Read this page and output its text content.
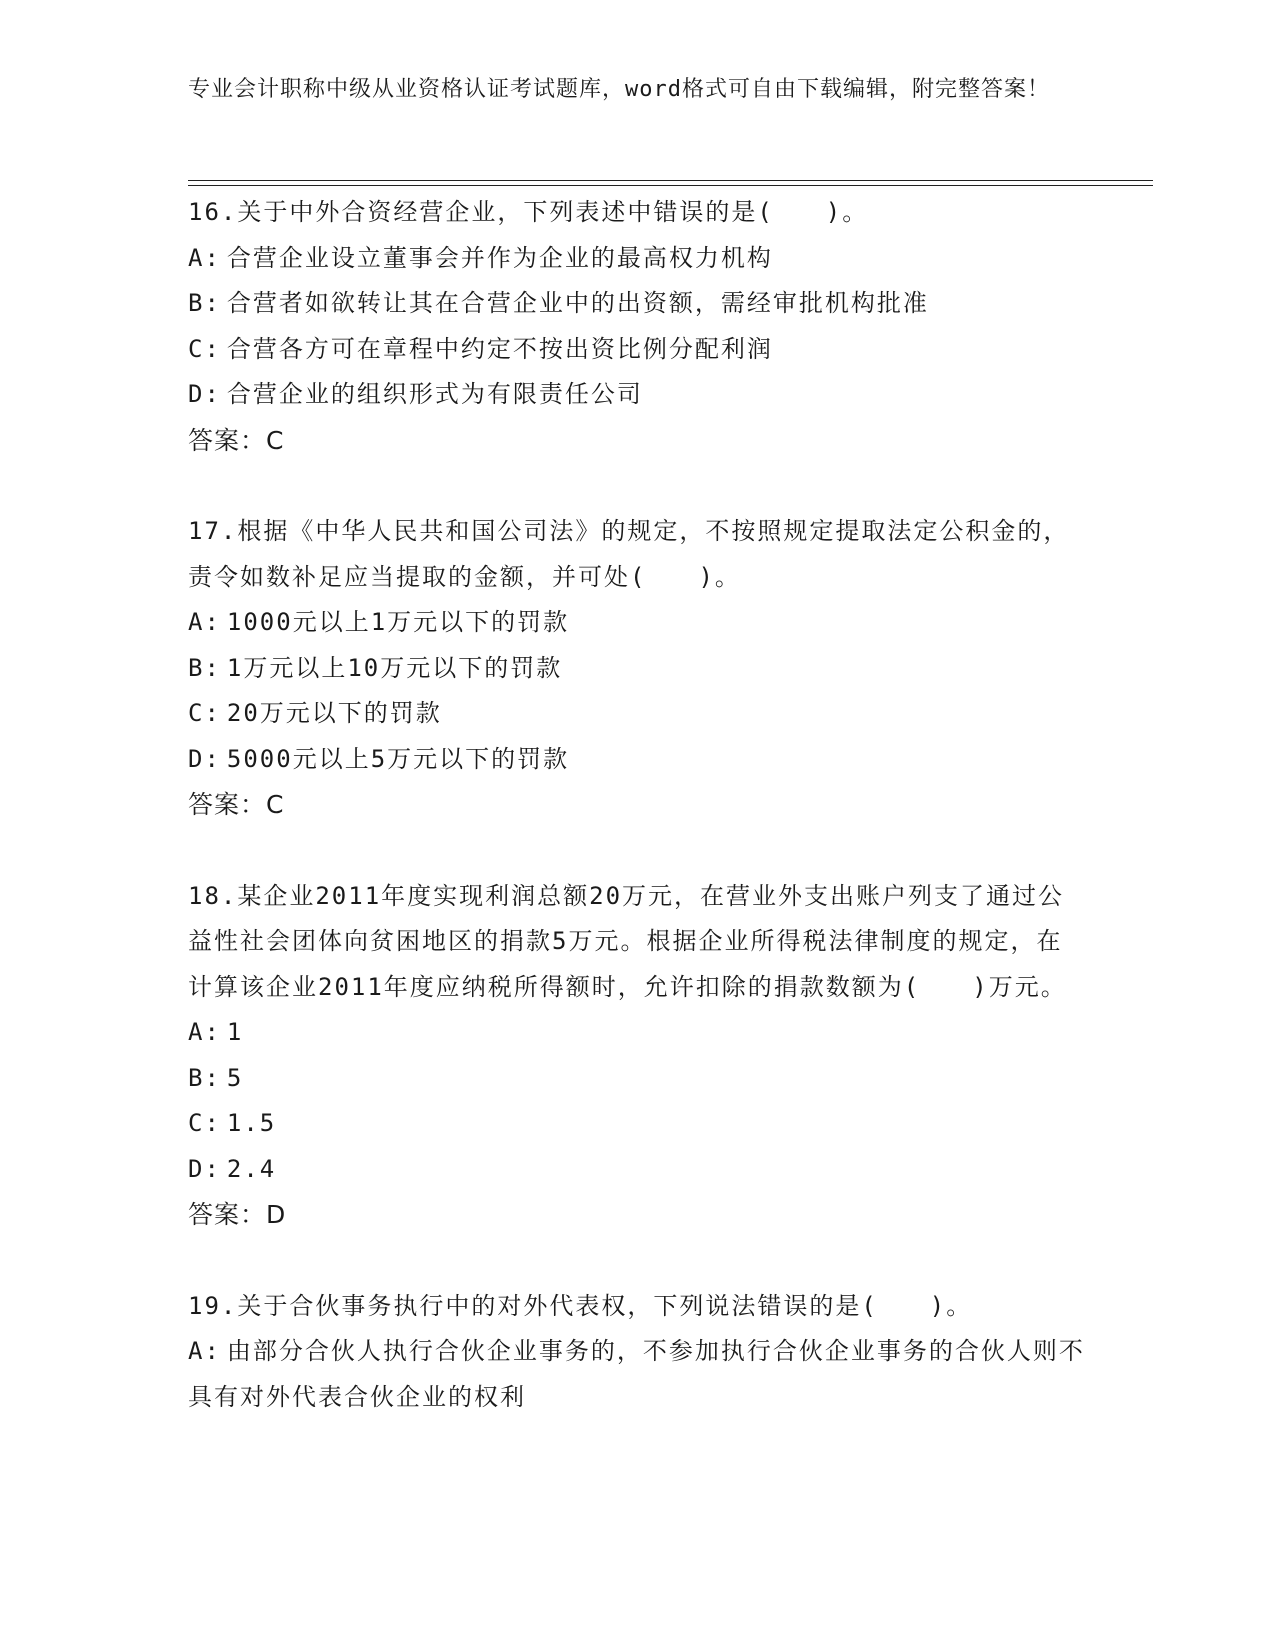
专业会计职称中级从业资格认证考试题库，word格式可自由下载编辑，附完整答案！
16.关于中外合资经营企业，下列表述中错误的是(　　)。
A: 合营企业设立董事会并作为企业的最高权力机构
B: 合营者如欲转让其在合营企业中的出资额，需经审批机构批准
C: 合营各方可在章程中约定不按出资比例分配利润
D: 合营企业的组织形式为有限责任公司
答案：C
17.根据《中华人民共和国公司法》的规定，不按照规定提取法定公积金的，责令如数补足应当提取的金额，并可处(　　)。
A: 1000元以上1万元以下的罚款
B: 1万元以上10万元以下的罚款
C: 20万元以下的罚款
D: 5000元以上5万元以下的罚款
答案：C
18.某企业2011年度实现利润总额20万元，在营业外支出账户列支了通过公益性社会团体向贫困地区的捐款5万元。根据企业所得税法律制度的规定，在计算该企业2011年度应纳税所得额时，允许扣除的捐款数额为(　　)万元。
A: 1
B: 5
C: 1.5
D: 2.4
答案：D
19.关于合伙事务执行中的对外代表权，下列说法错误的是(　　)。
A: 由部分合伙人执行合伙企业事务的，不参加执行合伙企业事务的合伙人则不具有对外代表合伙企业的权利
